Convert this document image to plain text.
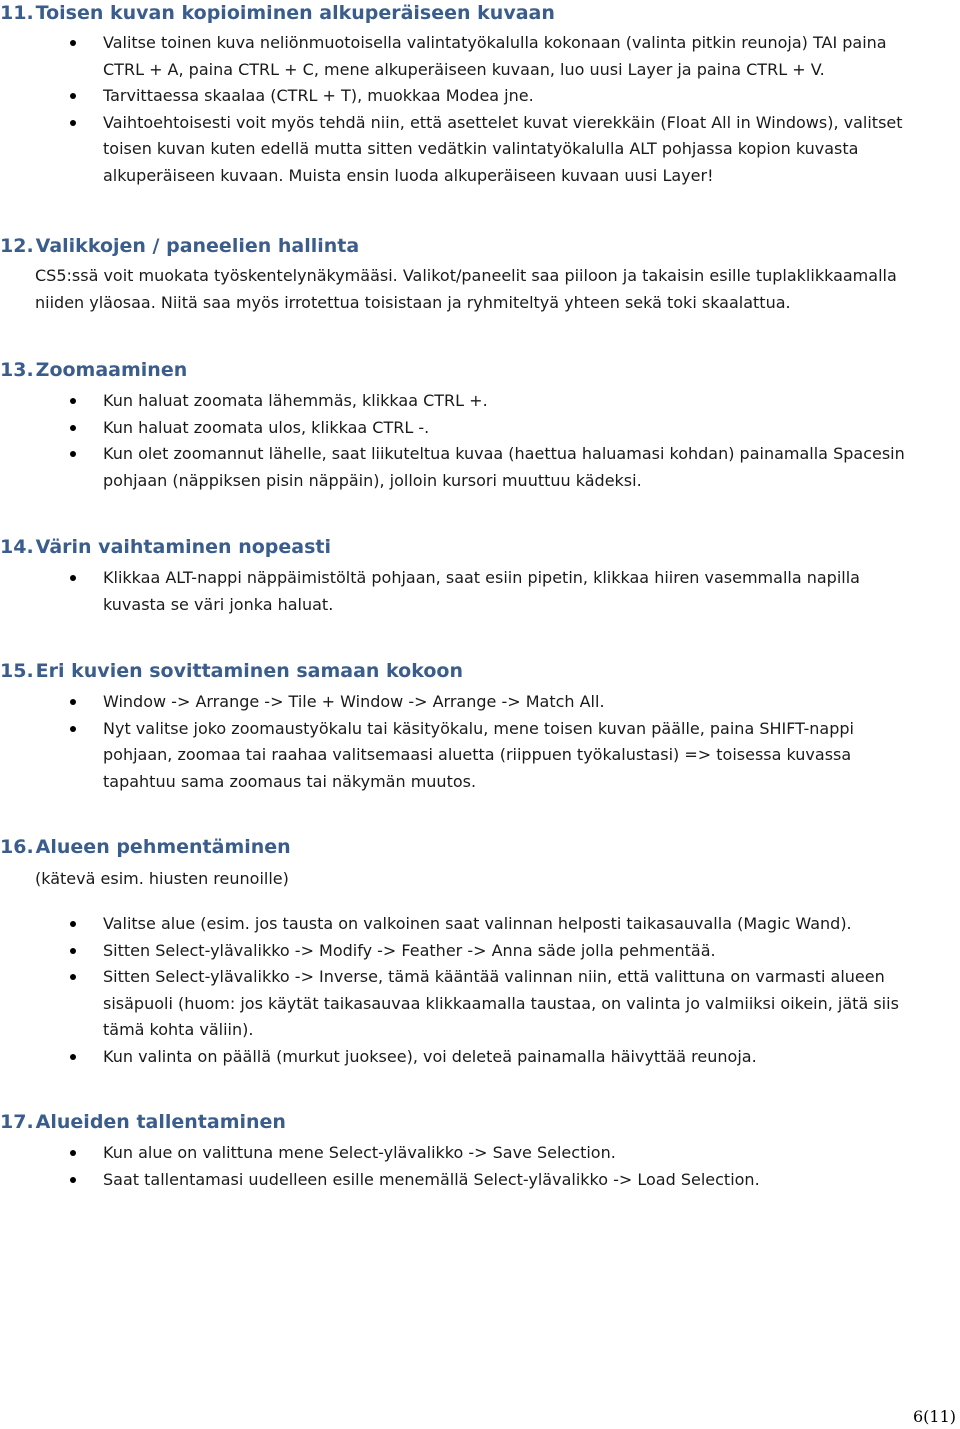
11. Toisen kuvan kopioiminen alkuperäiseen kuvaan
Valitse toinen kuva neliönmuotoisella valintatyökalulla kokonaan (valinta pitkin reunoja) TAI paina CTRL + A, paina CTRL + C, mene alkuperäiseen kuvaan, luo uusi Layer ja paina CTRL + V.
Tarvittaessa skaalaa (CTRL + T), muokkaa Modea jne.
Vaihtoehtoisesti voit myös tehdä niin, että asettelet kuvat vierekkäin (Float All in Windows), valitset toisen kuvan kuten edellä mutta sitten vedätkin valintatyökalulla ALT pohjassa kopion kuvasta alkuperäiseen kuvaan. Muista ensin luoda alkuperäiseen kuvaan uusi Layer!
12. Valikkojen / paneelien hallinta

CS5:ssä voit muokata työskentelynäkymääsi. Valikot/paneelit saa piiloon ja takaisin esille tuplaklikkaamalla niiden yläosaa. Niitä saa myös irrotettua toisistaan ja ryhmiteltyä yhteen sekä toki skaalattua.

13. Zoomaaminen
Kun haluat zoomata lähemmäs, klikkaa CTRL +.
Kun haluat zoomata ulos, klikkaa CTRL -.
Kun olet zoomannut lähelle, saat liikuteltua kuvaa (haettua haluamasi kohdan) painamalla Spacesin pohjaan (näppiksen pisin näppäin), jolloin kursori muuttuu kädeksi.
14. Värin vaihtaminen nopeasti
Klikkaa ALT-nappi näppäimistöltä pohjaan, saat esiin pipetin, klikkaa hiiren vasemmalla napilla kuvasta se väri jonka haluat.
15. Eri kuvien sovittaminen samaan kokoon
Window -> Arrange -> Tile + Window -> Arrange -> Match All.
Nyt valitse joko zoomaustyökalu tai käsityökalu, mene toisen kuvan päälle, paina SHIFT-nappi pohjaan, zoomaa tai raahaa valitsemaasi aluetta (riippuen työkalustasi) => toisessa kuvassa tapahtuu sama zoomaus tai näkymän muutos.
16. Alueen pehmentäminen

(kätevä esim. hiusten reunoille)

Valitse alue (esim. jos tausta on valkoinen saat valinnan helposti taikasauvalla (Magic Wand).
Sitten Select-ylävalikko -> Modify -> Feather -> Anna säde jolla pehmentää.
Sitten Select-ylävalikko -> Inverse, tämä kääntää valinnan niin, että valittuna on varmasti alueen sisäpuoli (huom: jos käytät taikasauvaa klikkaamalla taustaa, on valinta jo valmiiksi oikein, jätä siis tämä kohta väliin).
Kun valinta on päällä (murkut juoksee), voi deleteä painamalla häivyttää reunoja.
17. Alueiden tallentaminen
Kun alue on valittuna mene Select-ylävalikko -> Save Selection.
Saat tallentamasi uudelleen esille menemällä Select-ylävalikko -> Load Selection.
6(11)
